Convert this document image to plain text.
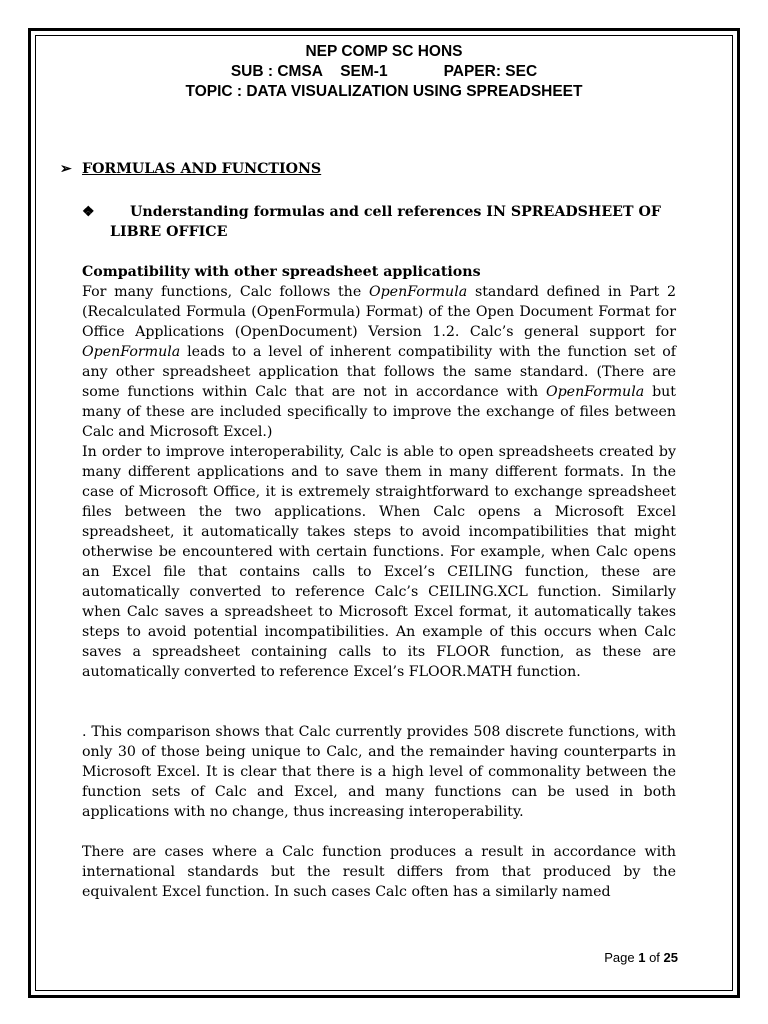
NEP COMP SC HONS
SUB : CMSA SEM-1	PAPER: SEC
TOPIC : DATA VISUALIZATION USING SPREADSHEET
➢ FORMULAS AND FUNCTIONS
❖ Understanding formulas and cell references IN SPREADSHEET OF
LIBRE OFFICE
Compatibility with other spreadsheet applications
For many functions, Calc follows the OpenFormula standard defined in Part 2 (Recalculated Formula (OpenFormula) Format) of the Open Document Format for Office Applications (OpenDocument) Version 1.2. Calc’s general support for OpenFormula leads to a level of inherent compatibility with the function set of any other spreadsheet application that follows the same standard. (There are some functions within Calc that are not in accordance with OpenFormula but many of these are included specifically to improve the exchange of files between Calc and Microsoft Excel.)
In order to improve interoperability, Calc is able to open spreadsheets created by many different applications and to save them in many different formats. In the case of Microsoft Office, it is extremely straightforward to exchange spreadsheet files between the two applications. When Calc opens a Microsoft Excel spreadsheet, it automatically takes steps to avoid incompatibilities that might otherwise be encountered with certain functions. For example, when Calc opens an Excel file that contains calls to Excel’s CEILING function, these are automatically converted to reference Calc’s CEILING.XCL function. Similarly when Calc saves a spreadsheet to Microsoft Excel format, it automatically takes steps to avoid potential incompatibilities. An example of this occurs when Calc saves a spreadsheet containing calls to its FLOOR function, as these are automatically converted to reference Excel’s FLOOR.MATH function.
. This comparison shows that Calc currently provides 508 discrete functions, with only 30 of those being unique to Calc, and the remainder having counterparts in Microsoft Excel. It is clear that there is a high level of commonality between the function sets of Calc and Excel, and many functions can be used in both applications with no change, thus increasing interoperability.
There are cases where a Calc function produces a result in accordance with international standards but the result differs from that produced by the equivalent Excel function. In such cases Calc often has a similarly named
Page 1 of 25
